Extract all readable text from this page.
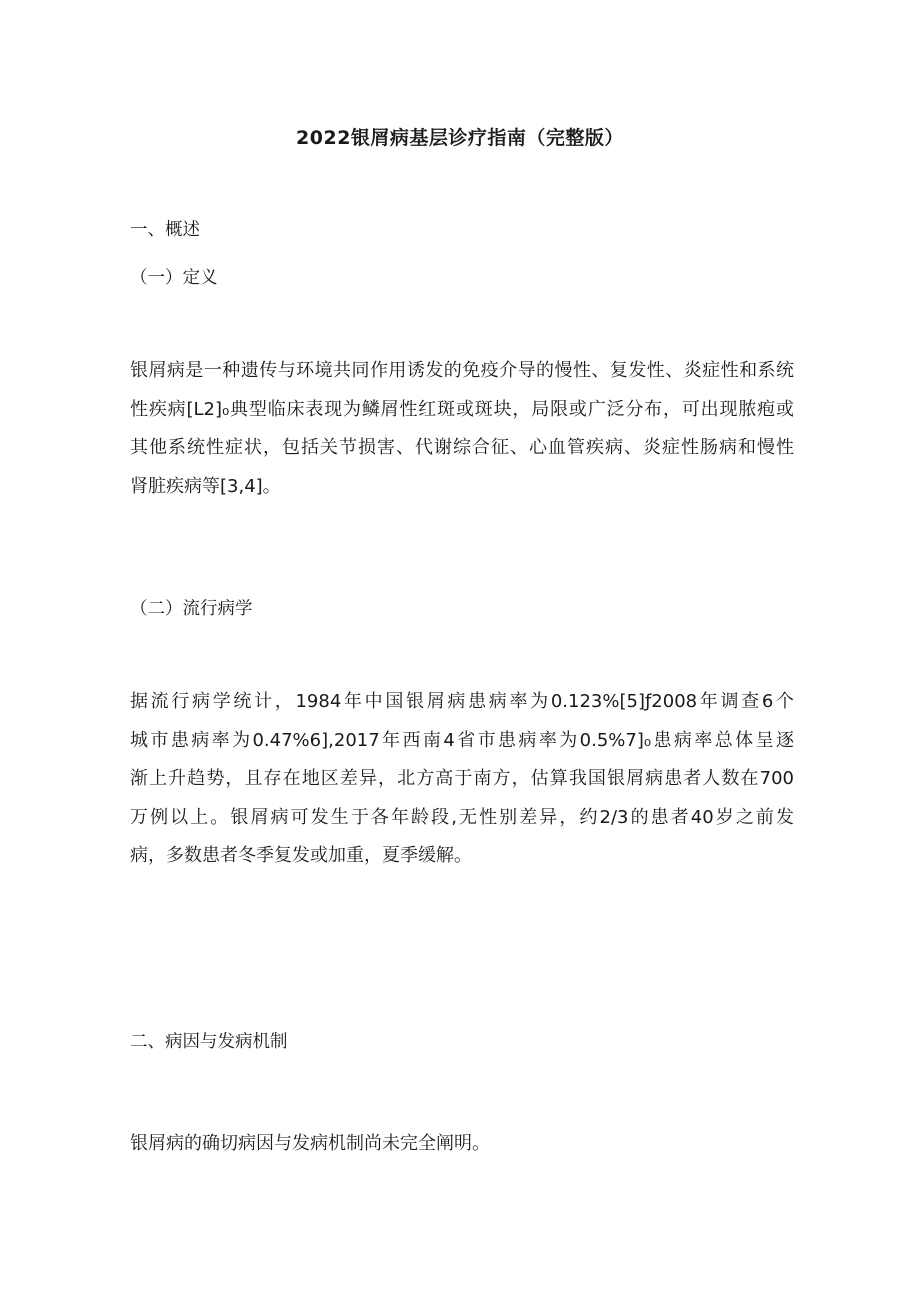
2022银屑病基层诊疗指南（完整版）
一、概述
（一）定义
银屑病是一种遗传与环境共同作用诱发的免疫介导的慢性、复发性、炎症性和系统
性疾病[L2]₀典型临床表现为鳞屑性红斑或斑块，局限或广泛分布，可出现脓疱或
其他系统性症状，包括关节损害、代谢综合征、心血管疾病、炎症性肠病和慢性
肾脏疾病等[3,4]。
（二）流行病学
据流行病学统计，1984年中国银屑病患病率为0.123%[5]ƒ2008年调查6个
城市患病率为0.47%6],2017年西南4省市患病率为0.5%7]₀患病率总体呈逐
渐上升趋势，且存在地区差异，北方高于南方，估算我国银屑病患者人数在700
万例以上。银屑病可发生于各年龄段,无性别差异，约2/3的患者40岁之前发
病，多数患者冬季复发或加重，夏季缓解。
二、病因与发病机制
银屑病的确切病因与发病机制尚未完全阐明。
